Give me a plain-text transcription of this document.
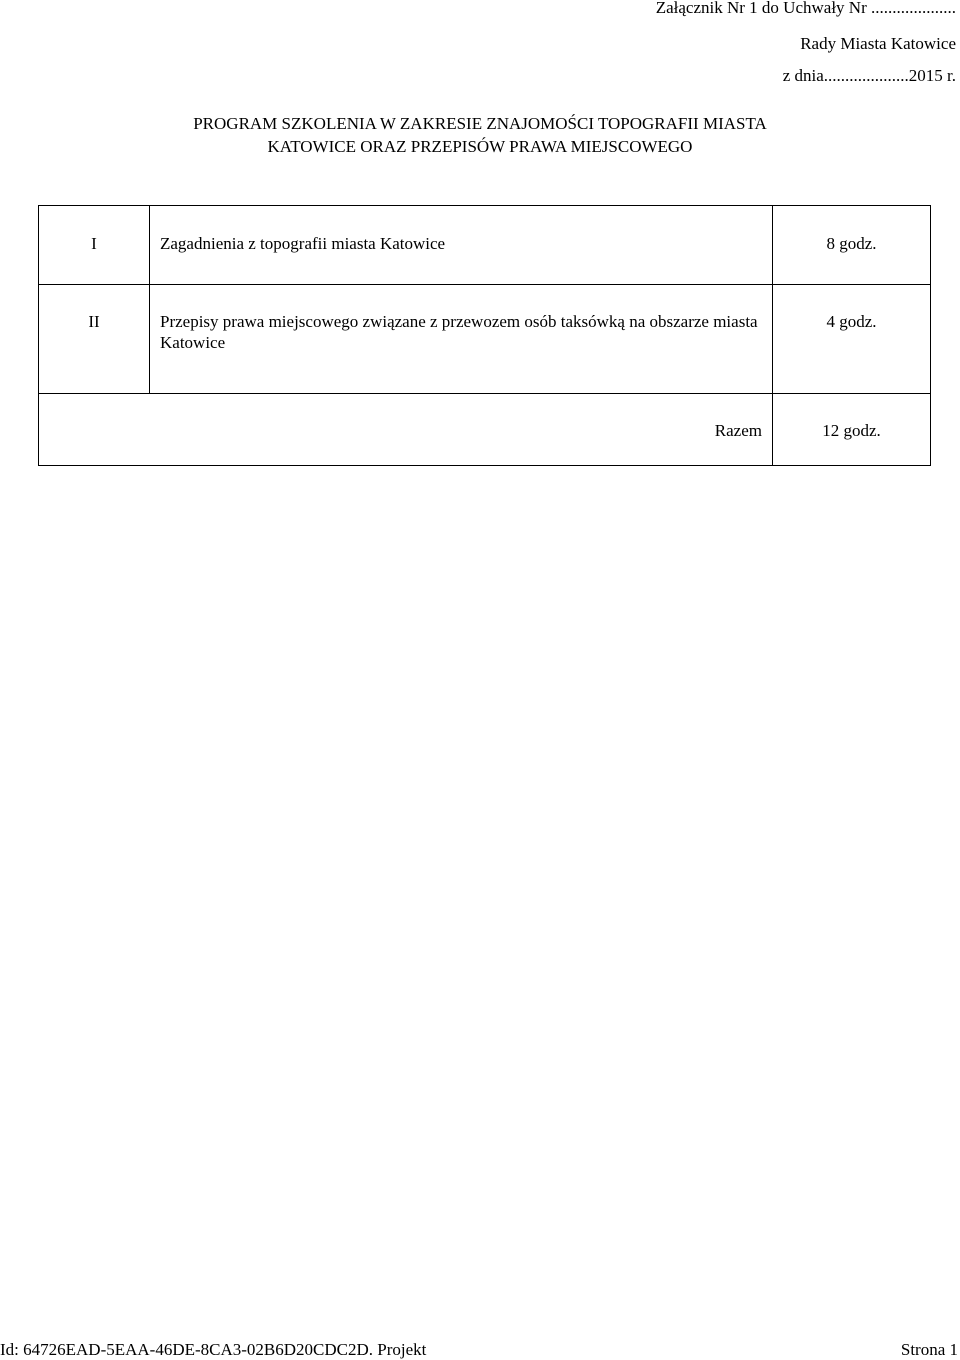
Załącznik Nr 1 do Uchwały Nr ....................
Rady Miasta Katowice
z dnia....................2015 r.
PROGRAM SZKOLENIA W ZAKRESIE ZNAJOMOŚCI TOPOGRAFII MIASTA
KATOWICE ORAZ PRZEPISÓW PRAWA MIEJSCOWEGO
I	Zagadnienia z topografii miasta Katowice	8 godz.

II	Przepisy prawa miejscowego związane z przewozem osób taksówką na obszarze miasta Katowice	4 godz.

Razem		12 godz.
Id: 64726EAD-5EAA-46DE-8CA3-02B6D20CDC2D. Projekt	Strona 1
